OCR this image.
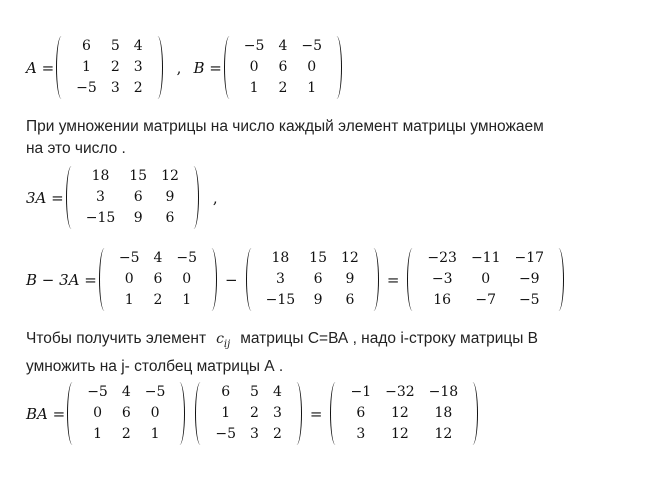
A =
6	5	4
1	2	3
−5	3	2
, B =
−5	4	−5
0	6	0
1	2	1
При умножении матрицы на число каждый элемент матрицы умножаем
на это число .
3A =
18	15	12
3	6	9
−15	9	6
,
B − 3A =
−5	4	−5
0	6	0
1	2	1
−
18	15	12
3	6	9
−15	9	6
=
−23	−11	−17
−3	0	−9
16	−7	−5
Чтобы получить элемент $c_{ij}$ матрицы С=ВА , надо i-строку матрицы В
умножить на j- столбец матрицы А .
BA =
−5	4	−5
0	6	0
1	2	1
6	5	4
1	2	3
−5	3	2
=
−1	−32	−18
6	12	18
3	12	12
